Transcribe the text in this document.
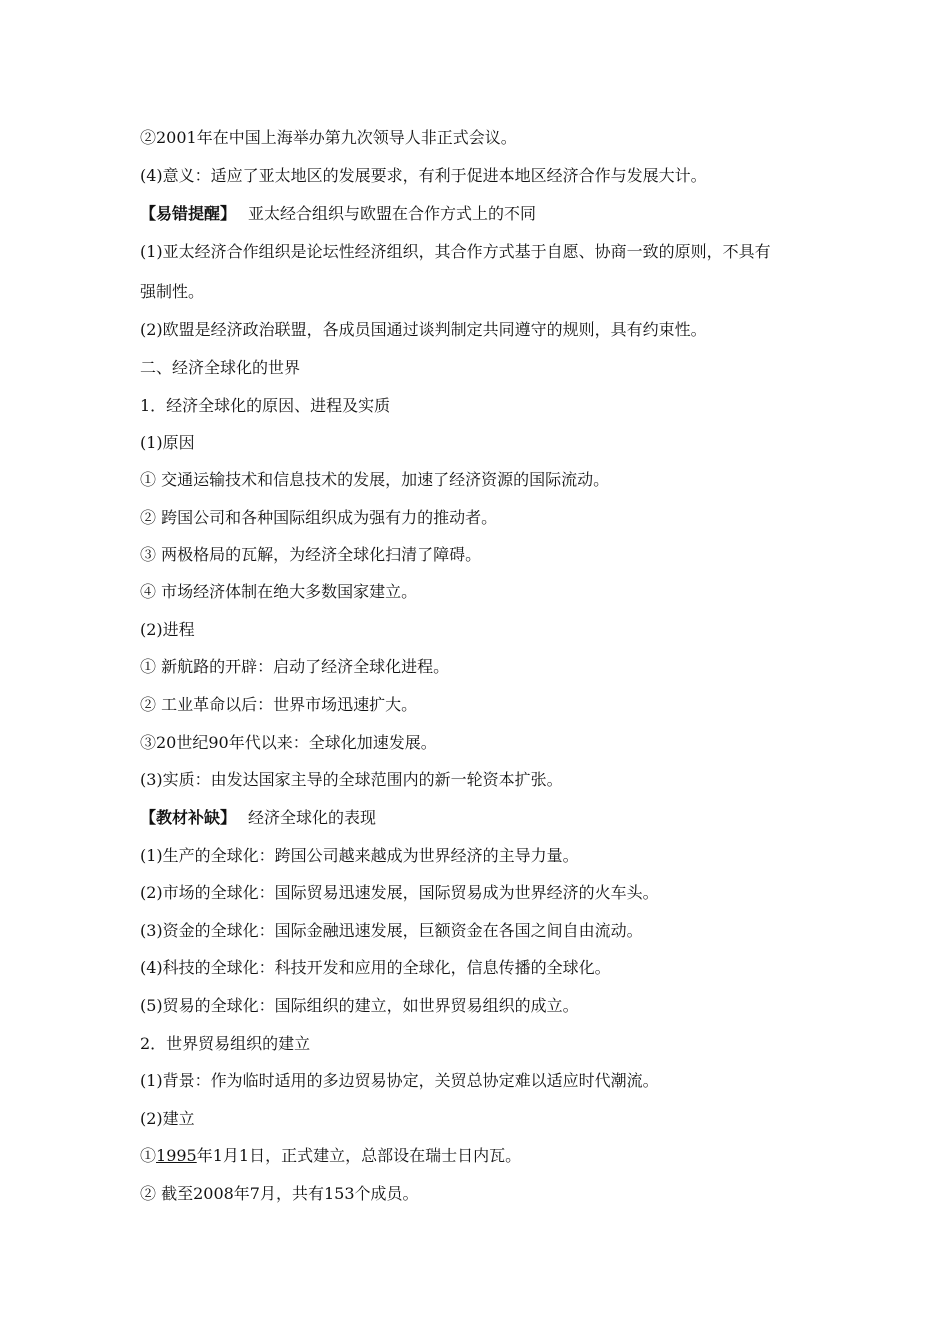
②2001年在中国上海举办第九次领导人非正式会议。
(4)意义：适应了亚太地区的发展要求，有利于促进本地区经济合作与发展大计。
【易错提醒】 亚太经合组织与欧盟在合作方式上的不同
(1)亚太经济合作组织是论坛性经济组织，其合作方式基于自愿、协商一致的原则，不具有
强制性。
(2)欧盟是经济政治联盟，各成员国通过谈判制定共同遵守的规则，具有约束性。
二、经济全球化的世界
1．经济全球化的原因、进程及实质
(1)原因
① 交通运输技术和信息技术的发展，加速了经济资源的国际流动。
② 跨国公司和各种国际组织成为强有力的推动者。
③ 两极格局的瓦解，为经济全球化扫清了障碍。
④ 市场经济体制在绝大多数国家建立。
(2)进程
① 新航路的开辟：启动了经济全球化进程。
② 工业革命以后：世界市场迅速扩大。
③20世纪90年代以来：全球化加速发展。
(3)实质：由发达国家主导的全球范围内的新一轮资本扩张。
【教材补缺】 经济全球化的表现
(1)生产的全球化：跨国公司越来越成为世界经济的主导力量。
(2)市场的全球化：国际贸易迅速发展，国际贸易成为世界经济的火车头。
(3)资金的全球化：国际金融迅速发展，巨额资金在各国之间自由流动。
(4)科技的全球化：科技开发和应用的全球化，信息传播的全球化。
(5)贸易的全球化：国际组织的建立，如世界贸易组织的成立。
2．世界贸易组织的建立
(1)背景：作为临时适用的多边贸易协定，关贸总协定难以适应时代潮流。
(2)建立
①1995年1月1日，正式建立，总部设在瑞士日内瓦。
② 截至2008年7月，共有153个成员。
